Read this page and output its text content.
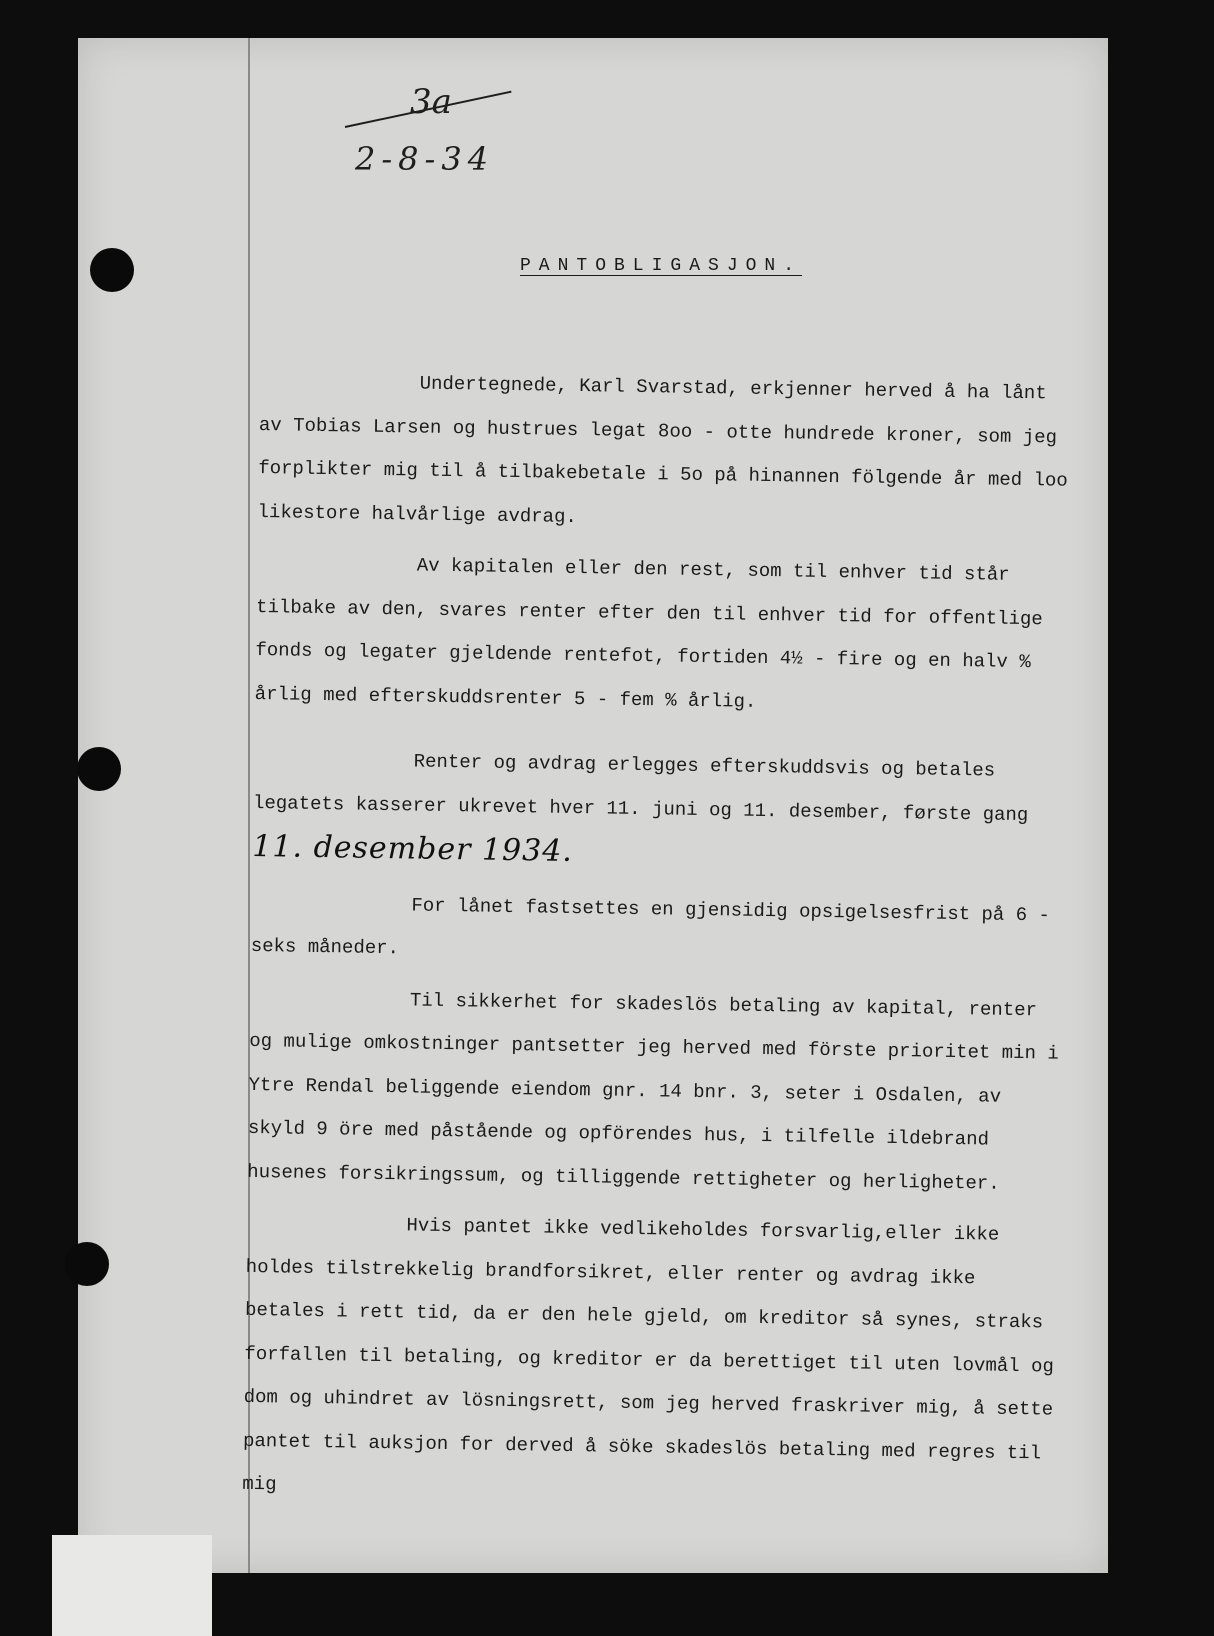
3a
2-8-34
PANTOBLIGASJON.

Undertegnede, Karl Svarstad, erkjenner herved å ha lånt av Tobias Larsen og hustrues legat 8oo - otte hundrede kroner, som jeg forplikter mig til å tilbakebetale i 5o på hinannen fölgende år med loo likestore halvårlige avdrag.

Av kapitalen eller den rest, som til enhver tid står tilbake av den, svares renter efter den til enhver tid for offentlige fonds og legater gjeldende rentefot, fortiden 4½ - fire og en halv % årlig med efterskuddsrenter 5 - fem % årlig.

Renter og avdrag erlegges efterskuddsvis og betales legatets kasserer ukrevet hver 11. juni og 11. desember, første gang 11. desember 1934.

For lånet fastsettes en gjensidig opsigelsesfrist på 6 - seks måneder.

Til sikkerhet for skadeslös betaling av kapital, renter og mulige omkostninger pantsetter jeg herved med förste prioritet min i Ytre Rendal beliggende eiendom gnr. 14 bnr. 3, seter i Osdalen, av skyld 9 öre med påstående og opförendes hus, i tilfelle ildebrand husenes forsikringssum, og tilliggende rettigheter og herligheter.

Hvis pantet ikke vedlikeholdes forsvarlig,eller ikke holdes tilstrekkelig brandforsikret, eller renter og avdrag ikke betales i rett tid, da er den hele gjeld, om kreditor så synes, straks forfallen til betaling, og kreditor er da berettiget til uten lovmål og dom og uhindret av lösningsrett, som jeg herved fraskriver mig, å sette pantet til auksjon for derved å söke skadeslös betaling med regres til mig
